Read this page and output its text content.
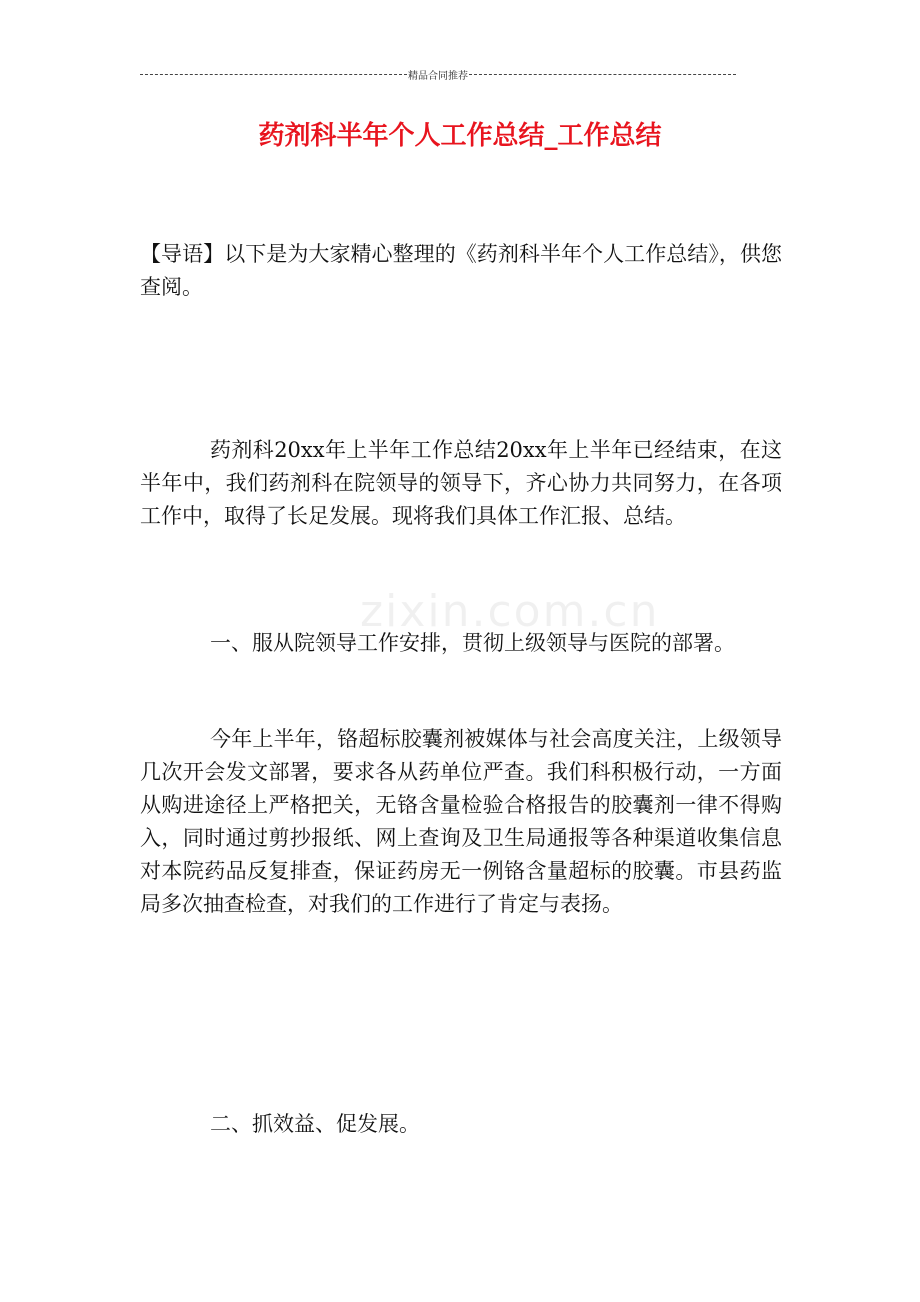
精品合同推荐
药剂科半年个人工作总结_工作总结

【导语】以下是为大家精心整理的《药剂科半年个人工作总结》，供您查阅。

药剂科20xx年上半年工作总结20xx年上半年已经结束，在这半年中，我们药剂科在院领导的领导下，齐心协力共同努力，在各项工作中，取得了长足发展。现将我们具体工作汇报、总结。

一、服从院领导工作安排，贯彻上级领导与医院的部署。

今年上半年，铬超标胶囊剂被媒体与社会高度关注，上级领导几次开会发文部署，要求各从药单位严查。我们科积极行动，一方面从购进途径上严格把关，无铬含量检验合格报告的胶囊剂一律不得购入，同时通过剪抄报纸、网上查询及卫生局通报等各种渠道收集信息对本院药品反复排查，保证药房无一例铬含量超标的胶囊。市县药监局多次抽查检查，对我们的工作进行了肯定与表扬。

二、抓效益、促发展。

zixin.com.cn
